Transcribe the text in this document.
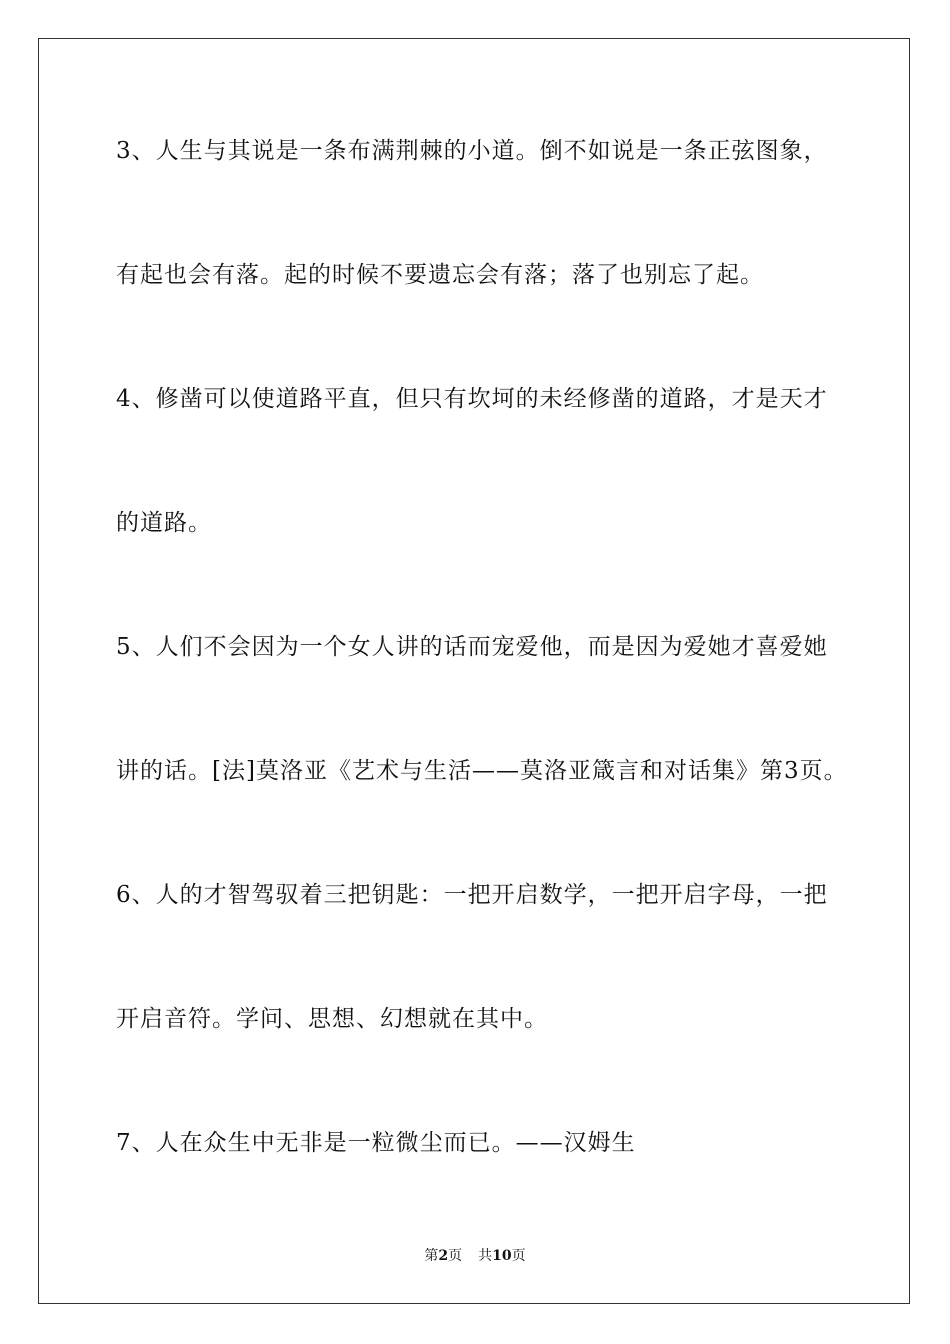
3、人生与其说是一条布满荆棘的小道。倒不如说是一条正弦图象，
有起也会有落。起的时候不要遗忘会有落；落了也别忘了起。
4、修凿可以使道路平直，但只有坎坷的未经修凿的道路，才是天才
的道路。
5、人们不会因为一个女人讲的话而宠爱他，而是因为爱她才喜爱她
讲的话。[法]莫洛亚《艺术与生活——莫洛亚箴言和对话集》第3页。
6、人的才智驾驭着三把钥匙：一把开启数学，一把开启字母，一把
开启音符。学问、思想、幻想就在其中。
7、人在众生中无非是一粒微尘而已。——汉姆生
第2页 共10页
